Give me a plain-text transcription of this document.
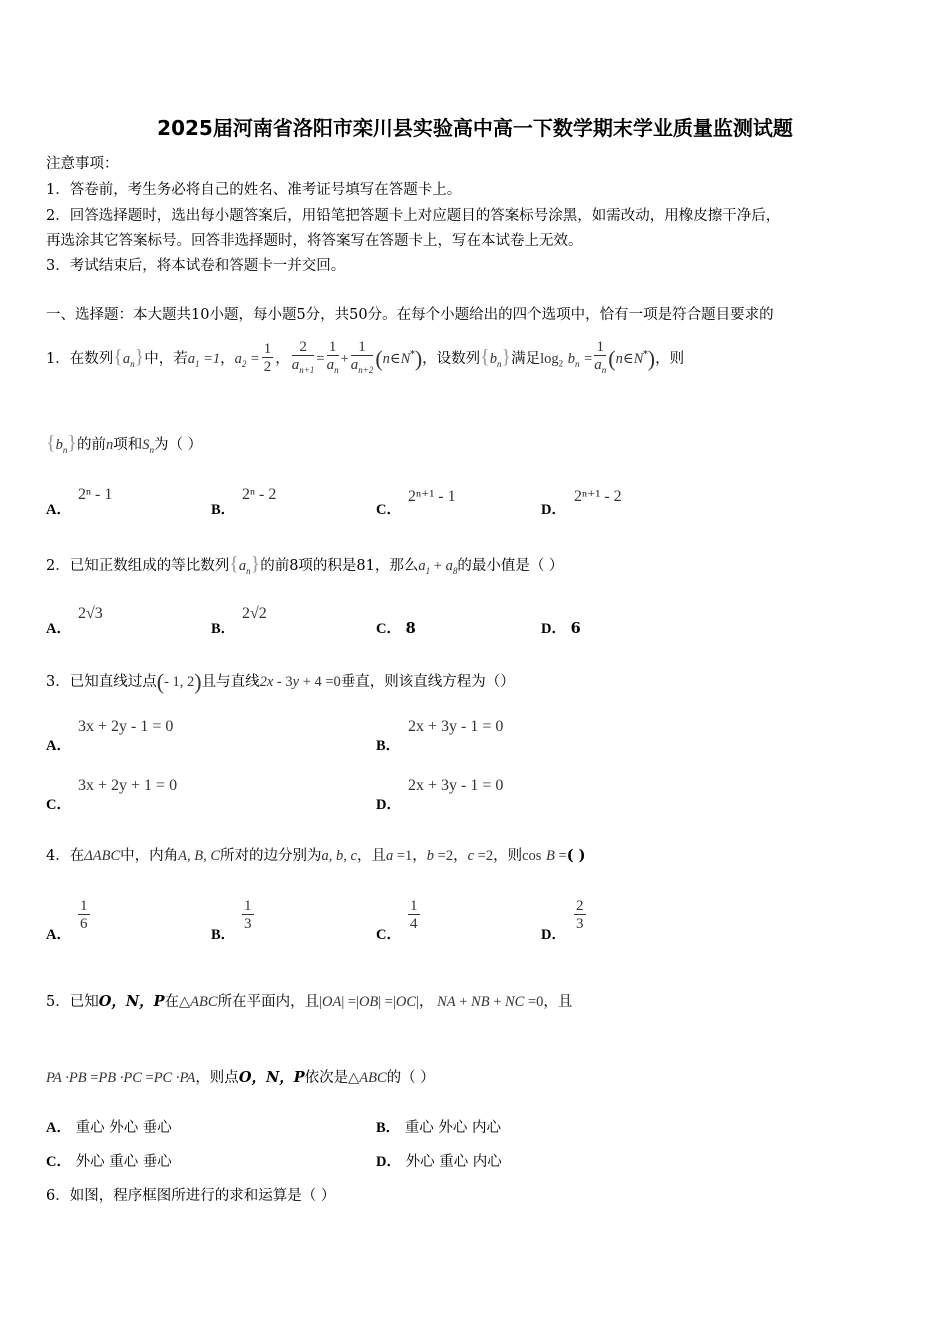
2025届河南省洛阳市栾川县实验高中高一下数学期末学业质量监测试题
注意事项：
1．答卷前，考生务必将自己的姓名、准考证号填写在答题卡上。
2．回答选择题时，选出每小题答案后，用铅笔把答题卡上对应题目的答案标号涂黑，如需改动，用橡皮擦干净后，
再选涂其它答案标号。回答非选择题时，将答案写在答题卡上，写在本试卷上无效。
3．考试结束后，将本试卷和答题卡一并交回。
一、选择题：本大题共10小题，每小题5分，共50分。在每个小题给出的四个选项中，恰有一项是符合题目要求的
1．在数列$\{a_n\}$中，若$a_1 =1$，$a_2 = \frac{1}{2}$ ， $\frac{2}{a_{n+1}} = \frac{1}{a_n} + \frac{1}{a_{n+2}}$ (n∈N*)，设数列$\{b_n\}$满足$\log_2 b_n = \frac{1}{a_n}$ (n∈N*)，则
$\{b_n\}$的前n项和$S_n$为（ ）
A．
2ⁿ - 1
B．
2ⁿ - 2
C．
2ⁿ⁺¹ - 1
D．
2ⁿ⁺¹ - 2
2．已知正数组成的等比数列$\{a_n\}$的前8项的积是81，那么$a_1 + a_8$的最小值是（ ）
A．
2√3
B．
2√2
C． 8	D． 6
3．已知直线过点(- 1, 2)且与直线2x - 3y + 4 =0垂直，则该直线方程为（）
A．
3x + 2y - 1 = 0
B．
2x + 3y - 1 = 0
C．
3x + 2y + 1 = 0
D．
2x + 3y - 1 = 0
4．在ΔABC中，内角A, B, C所对的边分别为a, b, c，且a =1，b =2，c =2，则cos B =( )
A．
$\frac{1}{6}$
B．
$\frac{1}{3}$
C．
$\frac{1}{4}$
D．
$\frac{2}{3}$
5．已知O，N，P在△ABC所在平面内，且|OA| =|OB| =|OC|， NA + NB + NC =0，且
PA ·PB =PB ·PC =PC ·PA，则点O，N，P依次是△ABC的（ ）
A． 重心 外心 垂心	B． 重心 外心 内心
C． 外心 重心 垂心	D． 外心 重心 内心
6．如图，程序框图所进行的求和运算是（ ）
